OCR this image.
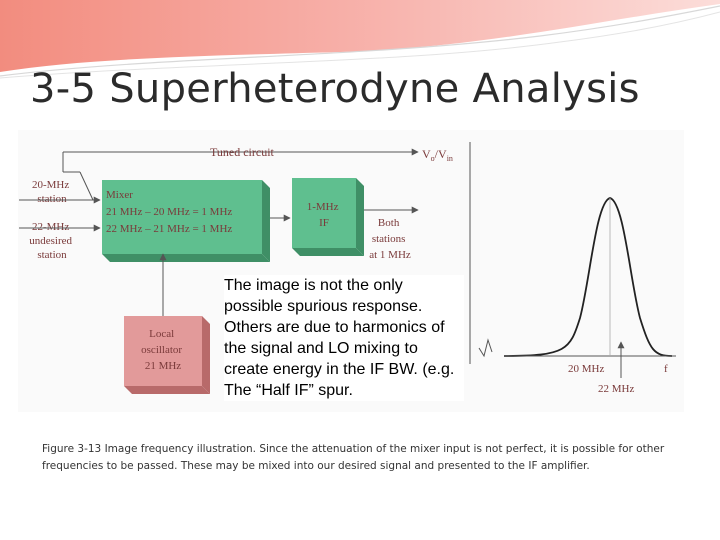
3-5 Superheterodyne Analysis
Tuned circuit	$V_o/V_{in}$
20-MHz station
22-MHz undesired station
Mixer 21 MHz – 20 MHz = 1 MHz 22 MHz – 21 MHz = 1 MHz
1-MHz IF	Both stations at 1 MHz
Local oscillator 21 MHz	20 MHz
22 MHz
f

The image is not the only possible spurious response. Others are due to harmonics of the signal and LO mixing to create energy in the IF BW. (e.g. The “Half IF” spur.

Figure 3-13 Image frequency illustration. Since the attenuation of the mixer input is not perfect, it is possible for other frequencies to be passed. These may be mixed into our desired signal and presented to the IF amplifier.
